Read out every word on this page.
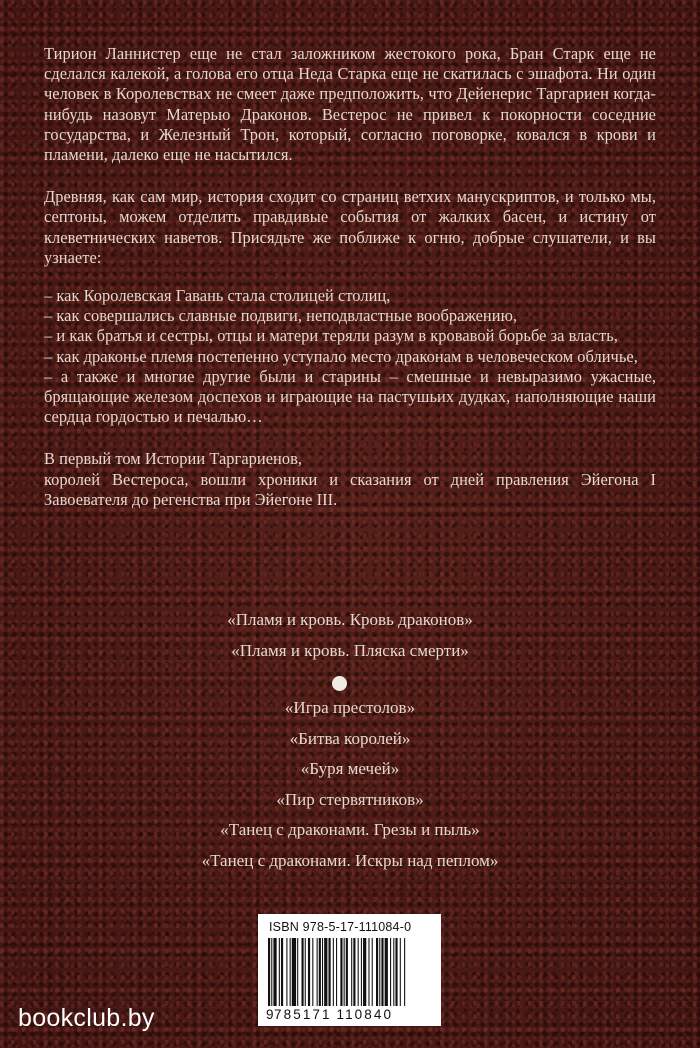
Тирион Ланнистер еще не стал заложником жестокого рока, Бран Старк еще не сделался калекой, а голова его отца Неда Старка еще не скатилась с эшафота. Ни один человек в Королевствах не смеет даже предположить, что Дейенерис Таргариен когда-нибудь назовут Матерью Драконов. Вестерос не привел к покорности соседние государства, и Железный Трон, который, согласно поговорке, ковался в крови и пламени, далеко еще не насытился.

Древняя, как сам мир, история сходит со страниц ветхих манускриптов, и только мы, септоны, можем отделить правдивые события от жалких басен, и истину от клеветнических наветов. Присядьте же поближе к огню, добрые слушатели, и вы узнаете:

– как Королевская Гавань стала столицей столиц,
– как совершались славные подвиги, неподвластные воображению,
– и как братья и сестры, отцы и матери теряли разум в кровавой борьбе за власть,
– как драконье племя постепенно уступало место драконам в человеческом обличье,
– а также и многие другие были и старины – смешные и невыразимо ужасные, брящающие железом доспехов и играющие на пастушьих дудках, наполняющие наши сердца гордостью и печалью…

В первый том Истории Таргариенов,
королей Вестероса, вошли хроники и сказания от дней правления Эйегона I Завоевателя до регенства при Эйегоне III.

«Пламя и кровь. Кровь драконов»
«Пламя и кровь. Пляска смерти»
«Игра престолов»
«Битва королей»
«Буря мечей»
«Пир стервятников»
«Танец с драконами. Грезы и пыль»
«Танец с драконами. Искры над пеплом»
ISBN 978-5-17-111084-0
9785171  110840
bookclub.by
